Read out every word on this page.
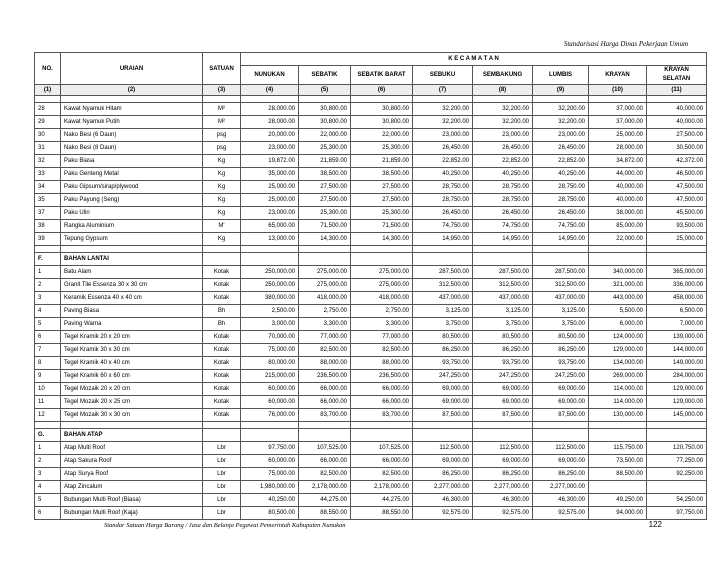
Standarisasi Harga Dinas Pekerjaan Umum
NO.	URAIAN	SATUAN	K E C A M A T A N							
			NUNUKAN	SEBATIK	SEBATIK BARAT	SEBUKU	SEMBAKUNG	LUMBIS	KRAYAN	KRAYAN SELATAN
(1)	(2)	(3)	(4)	(5)	(6)	(7)	(8)	(9)	(10)	(11)

28	Kawat Nyamuk Hitam	M²	28,000.00	30,800.00	30,800.00	32,200.00	32,200.00	32,200.00	37,000.00	40,000.00
29	Kawat Nyamuk Putih	M²	28,000.00	30,800.00	30,800.00	32,200.00	32,200.00	32,200.00	37,000.00	40,000.00
30	Nako Besi (6 Daun)	psg	20,000.00	22,000.00	22,000.00	23,000.00	23,000.00	23,000.00	25,000.00	27,500.00
31	Nako Besi (8 Daun)	psg	23,000.00	25,300.00	25,300.00	26,450.00	26,450.00	26,450.00	28,000.00	30,500.00
32	Paku Biasa	Kg	19,872.00	21,859.00	21,859.00	22,852.00	22,852.00	22,852.00	34,872.00	42,372.00
33	Paku Genteng Metal	Kg	35,000.00	38,500.00	38,500.00	40,250.00	40,250.00	40,250.00	44,000.00	46,500.00
34	Paku Gipsum/sirap/plywood	Kg	25,000.00	27,500.00	27,500.00	28,750.00	28,750.00	28,750.00	40,000.00	47,500.00
35	Paku Payung (Seng)	Kg	25,000.00	27,500.00	27,500.00	28,750.00	28,750.00	28,750.00	40,000.00	47,500.00
37	Paku Ulin	Kg	23,000.00	25,300.00	25,300.00	26,450.00	26,450.00	26,450.00	38,000.00	45,500.00
38	Rangka Aluminium	M'	65,000.00	71,500.00	71,500.00	74,750.00	74,750.00	74,750.00	85,000.00	93,500.00
39	Tepung Gypsum	Kg	13,000.00	14,300.00	14,300.00	14,950.00	14,950.00	14,950.00	22,000.00	25,000.00

F.	BAHAN LANTAI									
1	Batu Alam	Kotak	250,000.00	275,000.00	275,000.00	287,500.00	287,500.00	287,500.00	340,000.00	365,000.00
2	Granit Tile Essenza 30 x 30 cm	Kotak	250,000.00	275,000.00	275,000.00	312,500.00	312,500.00	312,500.00	321,000.00	336,000.00
3	Keramik Essenza 40 x 40 cm	Kotak	380,000.00	418,000.00	418,000.00	437,000.00	437,000.00	437,000.00	443,000.00	458,000.00
4	Paving Biasa	Bh	2,500.00	2,750.00	2,750.00	3,125.00	3,125.00	3,125.00	5,500.00	6,500.00
5	Paving Warna	Bh	3,000.00	3,300.00	3,300.00	3,750.00	3,750.00	3,750.00	6,000.00	7,000.00
6	Tegel Kramik 20 x 20 cm	Kotak	70,000.00	77,000.00	77,000.00	80,500.00	80,500.00	80,500.00	124,000.00	139,000.00
7	Tegel Kramik 30 x 30 cm	Kotak	75,000.00	82,500.00	82,500.00	86,250.00	86,250.00	86,250.00	129,000.00	144,000.00
8	Tegel Kramik 40 x 40 cm	Kotak	80,000.00	88,000.00	88,000.00	93,750.00	93,750.00	93,750.00	134,000.00	149,000.00
9	Tegel Kramik 60 x 60 cm	Kotak	215,000.00	236,500.00	236,500.00	247,250.00	247,250.00	247,250.00	269,000.00	284,000.00
10	Tegel Mozaik 20 x 20 cm	Kotak	60,000.00	66,000.00	66,000.00	69,000.00	69,000.00	69,000.00	114,000.00	129,000.00
11	Tegel Mozaik 20 x 25 cm	Kotak	60,000.00	66,000.00	66,000.00	69,000.00	69,000.00	69,000.00	114,000.00	129,000.00
12	Tegel Mozaik 30 x 30 cm	Kotak	76,000.00	83,700.00	83,700.00	87,500.00	87,500.00	87,500.00	130,000.00	145,000.00

G.	BAHAN ATAP									
1	Atap Multi Roof	Lbr	97,750.00	107,525.00	107,525.00	112,500.00	112,500.00	112,500.00	115,750.00	120,750.00
2	Atap Sakura Roof	Lbr	60,000.00	66,000.00	66,000.00	69,000.00	69,000.00	69,000.00	73,500.00	77,250.00
3	Atap Surya Roof	Lbr	75,000.00	82,500.00	82,500.00	86,250.00	86,250.00	86,250.00	88,500.00	92,250.00
4	Atap Zincalum	Lbr	1,980,000.00	2,178,000.00	2,178,000.00	2,277,000.00	2,277,000.00	2,277,000.00		
5	Bubungan Multi Roof (Biasa)	Lbr	40,250.00	44,275.00	44,275.00	46,300.00	46,300.00	46,300.00	49,250.00	54,250.00
6	Bubungan Multi Roof (Kaja)	Lbr	80,500.00	88,550.00	88,550.00	92,575.00	92,575.00	92,575.00	94,000.00	97,750.00
Standar Satuan Harga Barang / Jasa dan Belanja Pegawai Pemerintah Kabupaten Nunukan	122
